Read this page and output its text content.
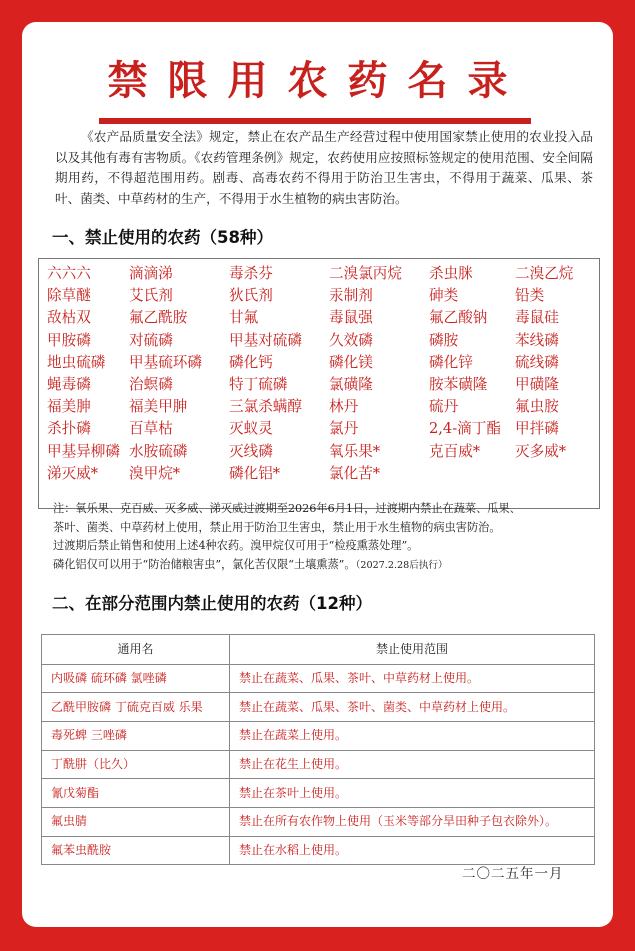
禁限用农药名录
《农产品质量安全法》规定，禁止在农产品生产经营过程中使用国家禁止使用的农业投入品以及其他有毒有害物质。《农药管理条例》规定，农药使用应按照标签规定的使用范围、安全间隔期用药，不得超范围用药。剧毒、高毒农药不得用于防治卫生害虫，不得用于蔬菜、瓜果、茶叶、菌类、中草药材的生产，不得用于水生植物的病虫害防治。
一、禁止使用的农药（58种）
六六六	滴滴涕	毒杀芬	二溴氯丙烷	杀虫脒	二溴乙烷
除草醚	艾氏剂	狄氏剂	汞制剂	砷类	铅类
敌枯双	氟乙酰胺	甘氟	毒鼠强	氟乙酸钠	毒鼠硅
甲胺磷	对硫磷	甲基对硫磷	久效磷	磷胺	苯线磷
地虫硫磷	甲基硫环磷	磷化钙	磷化镁	磷化锌	硫线磷
蝇毒磷	治螟磷	特丁硫磷	氯磺隆	胺苯磺隆	甲磺隆
福美胂	福美甲胂	三氯杀螨醇	林丹	硫丹	氟虫胺
杀扑磷	百草枯	灭蚁灵	氯丹	2,4-滴丁酯 甲拌磷
甲基异柳磷 水胺硫磷	灭线磷	氧乐果*	克百威*	灭多威*
涕灭威*	溴甲烷*	磷化铝*	氯化苦*
注：氧乐果、克百威、灭多威、涕灭威过渡期至2026年6月1日，过渡期内禁止在蔬菜、瓜果、
茶叶、菌类、中草药材上使用，禁止用于防治卫生害虫，禁止用于水生植物的病虫害防治。
过渡期后禁止销售和使用上述4种农药。溴甲烷仅可用于“检疫熏蒸处理”。
磷化铝仅可以用于“防治储粮害虫”，氯化苦仅限“土壤熏蒸”。（2027.2.28后执行）
二、在部分范围内禁止使用的农药（12种）
通用名	禁止使用范围
内吸磷 硫环磷 氯唑磷	禁止在蔬菜、瓜果、茶叶、中草药材上使用。
乙酰甲胺磷 丁硫克百威 乐果	禁止在蔬菜、瓜果、茶叶、菌类、中草药材上使用。
毒死蜱 三唑磷	禁止在蔬菜上使用。
丁酰肼（比久）	禁止在花生上使用。
氰戊菊酯	禁止在茶叶上使用。
氟虫腈	禁止在所有农作物上使用（玉米等部分旱田种子包衣除外）。
氟苯虫酰胺	禁止在水稻上使用。
二〇二五年一月
